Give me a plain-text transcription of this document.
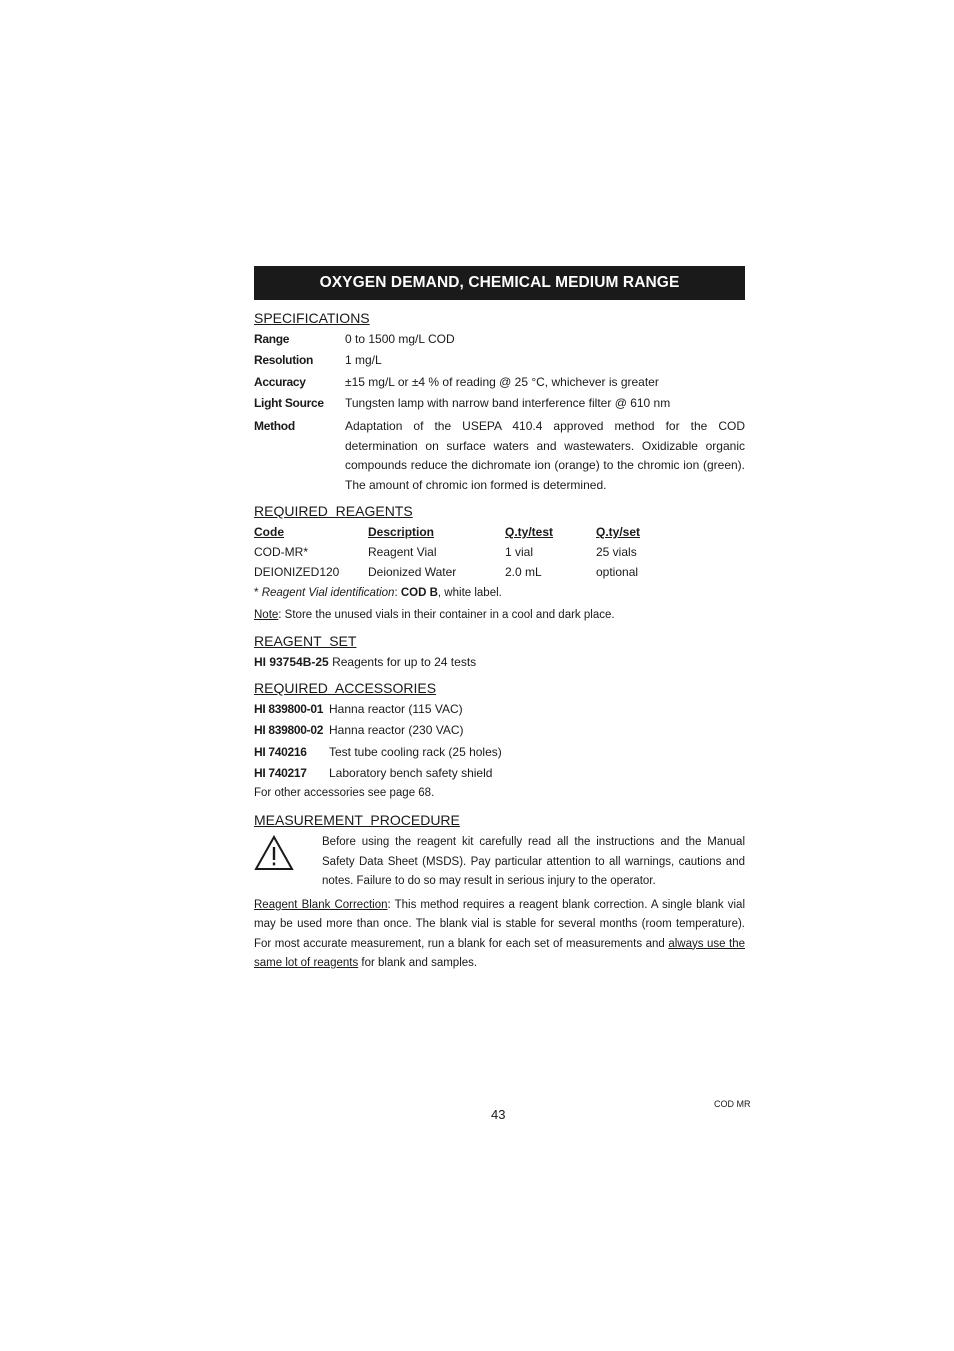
OXYGEN DEMAND, CHEMICAL MEDIUM RANGE
SPECIFICATIONS
Range	0 to 1500 mg/L COD
Resolution	1 mg/L
Accuracy	±15 mg/L or ±4 % of reading @ 25 °C, whichever is greater
Light Source	Tungsten lamp with narrow band interference filter @ 610 nm
Method	Adaptation of the USEPA 410.4 approved method for the COD determination on surface waters and wastewaters. Oxidizable organic compounds reduce the dichromate ion (orange) to the chromic ion (green). The amount of chromic ion formed is determined.
REQUIRED  REAGENTS
Code	Description	Q.ty/test	Q.ty/set
COD-MR*	Reagent Vial	1 vial	25 vials
DEIONIZED120	Deionized Water	2.0 mL	optional
* Reagent Vial identification: COD B, white label.
Note: Store the unused vials in their container in a cool and dark place.
REAGENT  SET
HI 93754B-25 Reagents for up to 24 tests
REQUIRED  ACCESSORIES
HI 839800-01 Hanna reactor (115 VAC)
HI 839800-02 Hanna reactor (230 VAC)
HI 740216	Test tube cooling rack (25 holes)
HI 740217	Laboratory bench safety shield
For other accessories see page 68.
MEASUREMENT  PROCEDURE
Before using the reagent kit carefully read all the instructions and the Manual Safety Data Sheet (MSDS). Pay particular attention to all warnings, cautions and notes. Failure to do so may result in serious injury to the operator.
Reagent Blank Correction: This method requires a reagent blank correction. A single blank vial may be used more than once. The blank vial is stable for several months (room temperature). For most accurate measurement, run a blank for each set of measurements and always use the same lot of reagents for blank and samples.
43
COD MR
